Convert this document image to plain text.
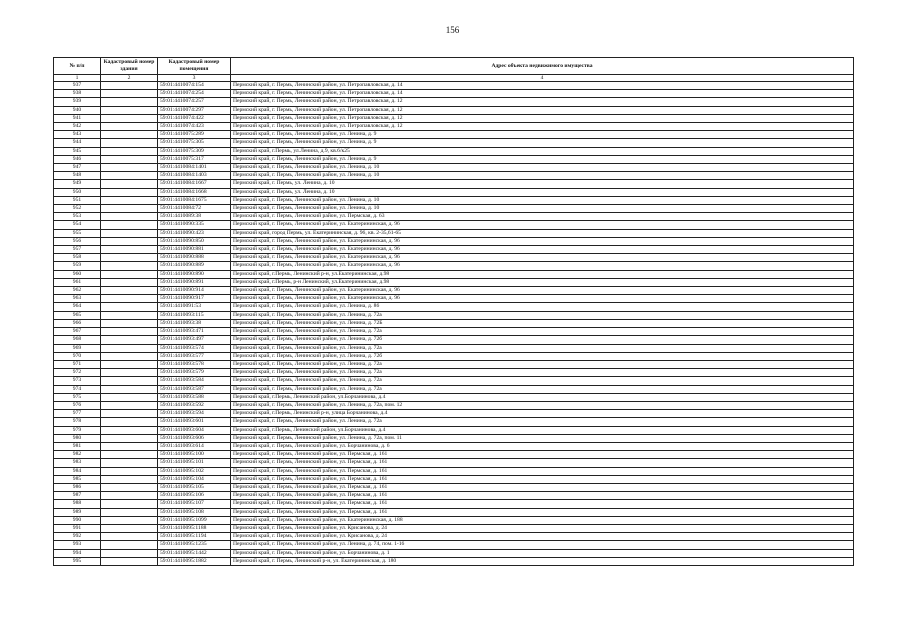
156
№ п/п	Кадастровый номер здания	Кадастровый номер помещения	Адрес объекта недвижимого имущества
1	2	3	4
937		59:01:4410074:154	Пермский край, г. Пермь, Ленинский район, ул. Петропавловская, д. 14
938		59:01:4410074:254	Пермский край, г. Пермь, Ленинский район, ул. Петропавловская, д. 14
939		59:01:4410074:257	Пермский край, г. Пермь, Ленинский район, ул. Петропавловская, д. 12
940		59:01:4410074:297	Пермский край, г. Пермь, Ленинский район, ул. Петропавловская, д. 12
941		59:01:4410074:422	Пермский край, г. Пермь, Ленинский район, ул. Петропавловская, д. 12
942		59:01:4410074:423	Пермский край, г. Пермь, Ленинский район, ул. Петропавловская, д. 12
943		59:01:4410075:289	Пермский край, г. Пермь, Ленинский район, ул. Ленина, д. 9
944		59:01:4410075:305	Пермский край, г. Пермь, Ленинский район, ул. Ленина, д. 9
945		59:01:4410075:309	Пермский край, г.Пермь, ул.Ленина, д.9, кв.6/к25
946		59:01:4410075:317	Пермский край, г. Пермь, Ленинский район, ул. Ленина, д. 9
947		59:01:4410084:1401	Пермский край, г. Пермь, Ленинский район, ул. Ленина, д. 10
948		59:01:4410084:1403	Пермский край, г. Пермь, Ленинский район, ул. Ленина, д. 10
949		59:01:4410084:1667	Пермский край, г. Пермь, ул. Ленина, д. 10
950		59:01:4410084:1668	Пермский край, г. Пермь, ул. Ленина, д. 10
951		59:01:4410084:1675	Пермский край, г. Пермь, Ленинский район, ул. Ленина, д. 10
952		59:01:4410084:72	Пермский край, г. Пермь, Ленинский район, ул. Ленина, д. 10
953		59:01:4410089:38	Пермский край, г. Пермь, Ленинский район, ул. Пермская, д. 63
954		59:01:4410090:335	Пермский край, г. Пермь, Ленинский район, ул. Екатерининская, д. 96
955		59:01:4410090:423	Пермский край, город Пермь, ул. Екатерининская, д. 96, кв. 2-35,61-65
956		59:01:4410090:850	Пермский край, г. Пермь, Ленинский район, ул. Екатерининская, д. 96
957		59:01:4410090:881	Пермский край, г. Пермь, Ленинский район, ул. Екатерининская, д. 96
958		59:01:4410090:888	Пермский край, г. Пермь, Ленинский район, ул. Екатерининская, д. 96
959		59:01:4410090:889	Пермский край, г. Пермь, Ленинский район, ул. Екатерининская, д. 96
960		59:01:4410090:890	Пермский край, г.Пермь, Ленинский р-н, ул.Екатерининская, д.98
961		59:01:4410090:891	Пермский край, г.Пермь, р-н Ленинский, ул.Екатерининская, д.98
962		59:01:4410090:914	Пермский край, г. Пермь, Ленинский район, ул. Екатерининская, д. 96
963		59:01:4410090:917	Пермский край, г. Пермь, Ленинский район, ул. Екатерининская, д. 96
964		59:01:4410091:53	Пермский край, г. Пермь, Ленинский район, ул. Ленина, д. 86
965		59:01:4410093:115	Пермский край, г. Пермь, Ленинский район, ул. Ленина, д. 72а
966		59:01:4410093:38	Пермский край, г. Пермь, Ленинский район, ул. Ленина, д. 72Б
967		59:01:4410093:471	Пермский край, г. Пермь, Ленинский район, ул. Ленина, д. 72а
968		59:01:4410093:497	Пермский край, г. Пермь, Ленинский район, ул. Ленина, д. 72б
969		59:01:4410093:574	Пермский край, г. Пермь, Ленинский район, ул. Ленина, д. 72а
970		59:01:4410093:577	Пермский край, г. Пермь, Ленинский район, ул. Ленина, д. 72б
971		59:01:4410093:578	Пермский край, г. Пермь, Ленинский район, ул. Ленина, д. 72а
972		59:01:4410093:579	Пермский край, г. Пермь, Ленинский район, ул. Ленина, д. 72а
973		59:01:4410093:584	Пермский край, г. Пермь, Ленинский район, ул. Ленина, д. 72а
974		59:01:4410093:587	Пермский край, г. Пермь, Ленинский район, ул. Ленина, д. 72а
975		59:01:4410093:588	Пермский край, г.Пермь, Ленинский район, ул.Борчанинова, д.4
976		59:01:4410093:592	Пермский край, г. Пермь, Ленинский район, ул. Ленина, д. 72а, пом. 12
977		59:01:4410093:594	Пермский край, г.Пермь, Ленинский р-н, улица Борчанинова, д.4
978		59:01:4410093:601	Пермский край, г. Пермь, Ленинский район, ул. Ленина, д. 72а
979		59:01:4410093:604	Пермский край, г.Пермь, Ленинский район, ул.Борчанинова, д.4
980		59:01:4410093:606	Пермский край, г. Пермь, Ленинский район, ул. Ленина, д. 72а, пом. 11
981		59:01:4410093:614	Пермский край, г. Пермь, Ленинский район, ул. Борчанинова, д. 6
982		59:01:4410095:100	Пермский край, г. Пермь, Ленинский район, ул. Пермская, д. 161
983		59:01:4410095:101	Пермский край, г. Пермь, Ленинский район, ул. Пермская, д. 161
984		59:01:4410095:102	Пермский край, г. Пермь, Ленинский район, ул. Пермская, д. 161
985		59:01:4410095:104	Пермский край, г. Пермь, Ленинский район, ул. Пермская, д. 161
986		59:01:4410095:105	Пермский край, г. Пермь, Ленинский район, ул. Пермская, д. 161
987		59:01:4410095:106	Пермский край, г. Пермь, Ленинский район, ул. Пермская, д. 161
988		59:01:4410095:107	Пермский край, г. Пермь, Ленинский район, ул. Пермская, д. 161
989		59:01:4410095:108	Пермский край, г. Пермь, Ленинский район, ул. Пермская, д. 161
990		59:01:4410095:1099	Пермский край, г. Пермь, Ленинский район, ул. Екатерининская, д. 188
991		59:01:4410095:1188	Пермский край, г. Пермь, Ленинский район, ул. Крисанова, д. 24
992		59:01:4410095:1194	Пермский край, г. Пермь, Ленинский район, ул. Крисанова, д. 24
993		59:01:4410095:1235	Пермский край, г. Пермь, Ленинский район, ул. Ленина, д. 74, пом. 1-16
994		59:01:4410095:1442	Пермский край, г. Пермь, Ленинский район, ул. Борчанинова, д. 1
995		59:01:4410095:1882	Пермский край, г. Пермь, Ленинский р-н, ул. Екатерининская, д. 180
